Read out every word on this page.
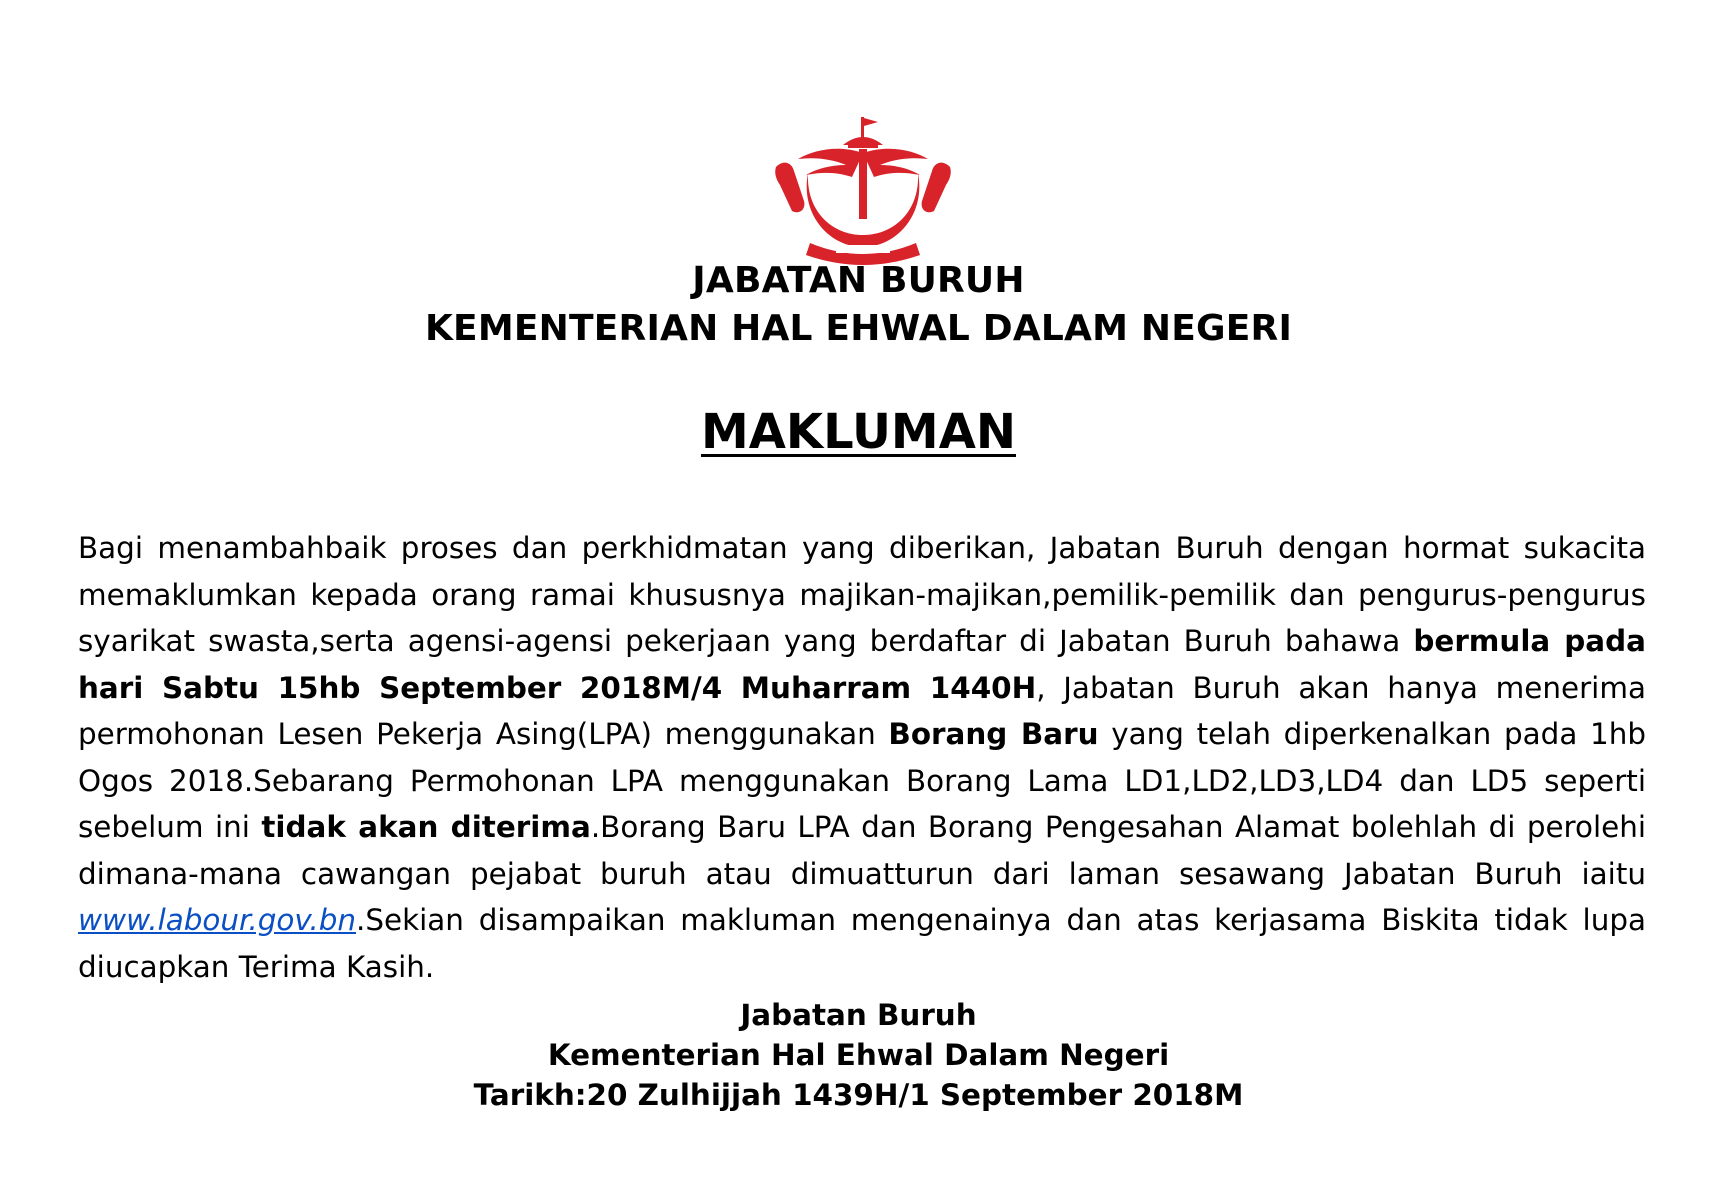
JABATAN BURUH
KEMENTERIAN HAL EHWAL DALAM NEGERI
MAKLUMAN
Bagi menambahbaik proses dan perkhidmatan yang diberikan, Jabatan Buruh dengan hormat sukacita memaklumkan kepada orang ramai khususnya majikan-majikan,pemilik-pemilik dan pengurus-pengurus syarikat swasta,serta agensi-agensi pekerjaan yang berdaftar di Jabatan Buruh bahawa bermula pada hari Sabtu 15hb September 2018M/4 Muharram 1440H, Jabatan Buruh akan hanya menerima permohonan Lesen Pekerja Asing(LPA) menggunakan Borang Baru yang telah diperkenalkan pada 1hb Ogos 2018.Sebarang Permohonan LPA menggunakan Borang Lama LD1,LD2,LD3,LD4 dan LD5 seperti sebelum ini tidak akan diterima.Borang Baru LPA dan Borang Pengesahan Alamat bolehlah di perolehi dimana-mana cawangan pejabat buruh atau dimuatturun dari laman sesawang Jabatan Buruh iaitu www.labour.gov.bn.Sekian disampaikan makluman mengenainya dan atas kerjasama Biskita tidak lupa diucapkan Terima Kasih.
Jabatan Buruh
Kementerian Hal Ehwal Dalam Negeri
Tarikh:20 Zulhijjah 1439H/1 September 2018M
